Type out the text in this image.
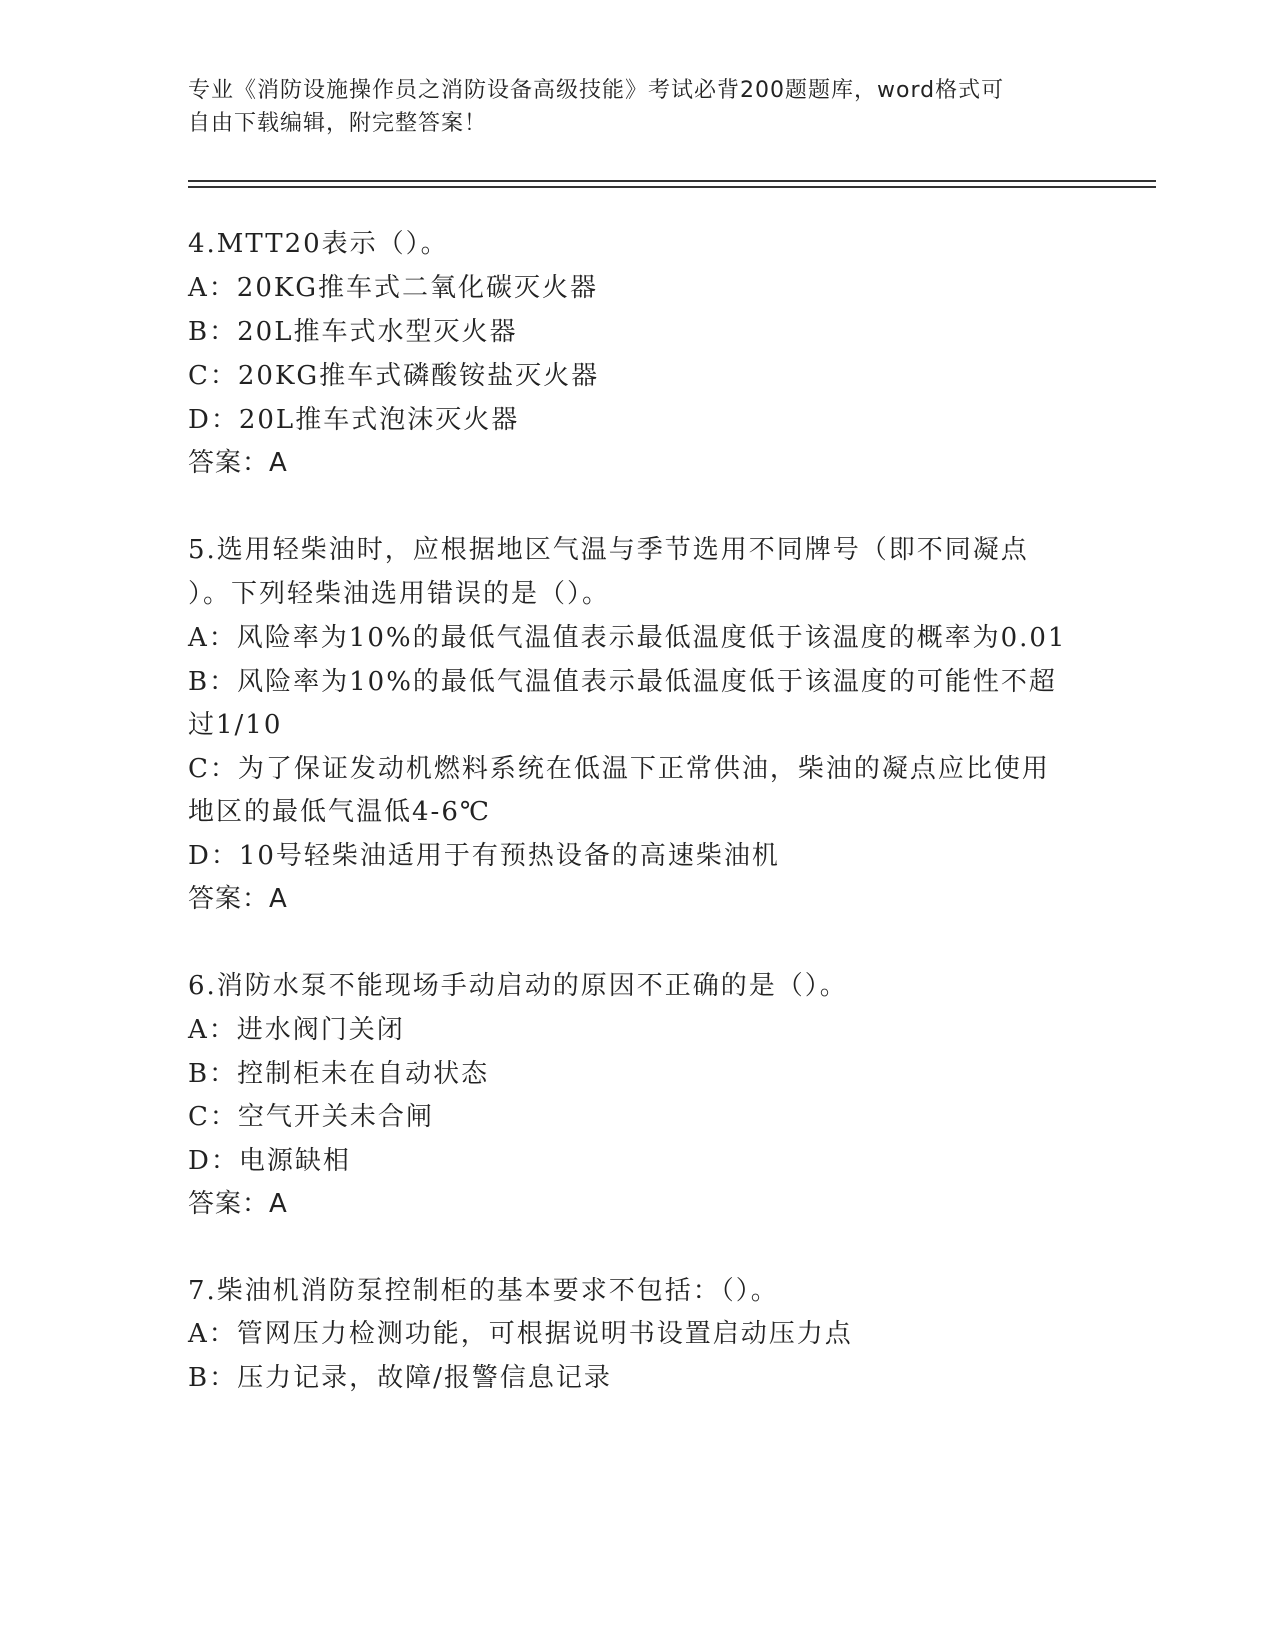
专业《消防设施操作员之消防设备高级技能》考试必背200题题库，word格式可
自由下载编辑，附完整答案！
4.MTT20表示（）。
A：20KG推车式二氧化碳灭火器
B：20L推车式水型灭火器
C：20KG推车式磷酸铵盐灭火器
D：20L推车式泡沫灭火器
答案：A
5.选用轻柴油时，应根据地区气温与季节选用不同牌号（即不同凝点
）。下列轻柴油选用错误的是（）。
A：风险率为10%的最低气温值表示最低温度低于该温度的概率为0.01
B：风险率为10%的最低气温值表示最低温度低于该温度的可能性不超
过1/10
C：为了保证发动机燃料系统在低温下正常供油，柴油的凝点应比使用
地区的最低气温低4-6℃
D：10号轻柴油适用于有预热设备的高速柴油机
答案：A
6.消防水泵不能现场手动启动的原因不正确的是（）。
A：进水阀门关闭
B：控制柜未在自动状态
C：空气开关未合闸
D：电源缺相
答案：A
7.柴油机消防泵控制柜的基本要求不包括：（）。
A：管网压力检测功能，可根据说明书设置启动压力点
B：压力记录，故障/报警信息记录
